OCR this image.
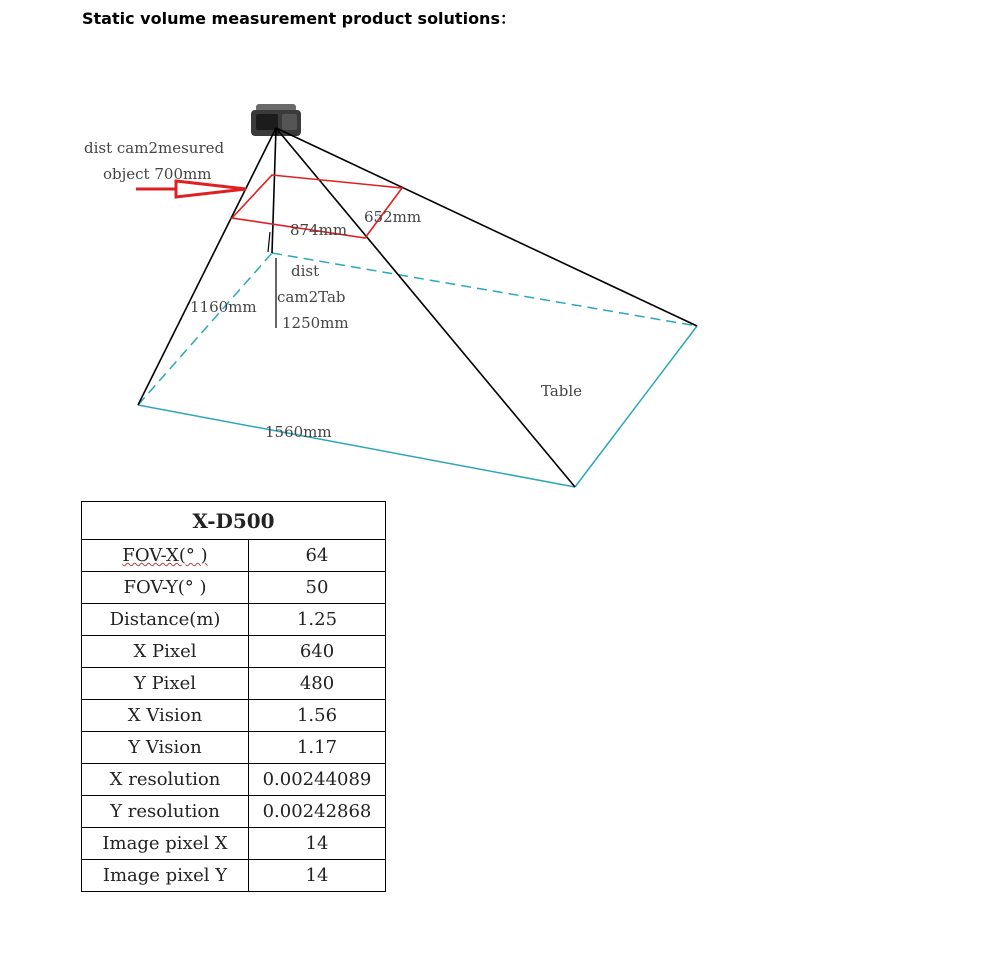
Static volume measurement product solutions：
dist cam2mesured
object 700mm
874mm
652mm
dist
cam2Tab
1250mm
1160mm
Table
1560mm
X-D500	
FOV-X(° )	64
FOV-Y(° )	50
Distance(m)	1.25
X Pixel	640
Y Pixel	480
X Vision	1.56
Y Vision	1.17
X resolution	0.00244089
Y resolution	0.00242868
Image pixel X	14
Image pixel Y	14
